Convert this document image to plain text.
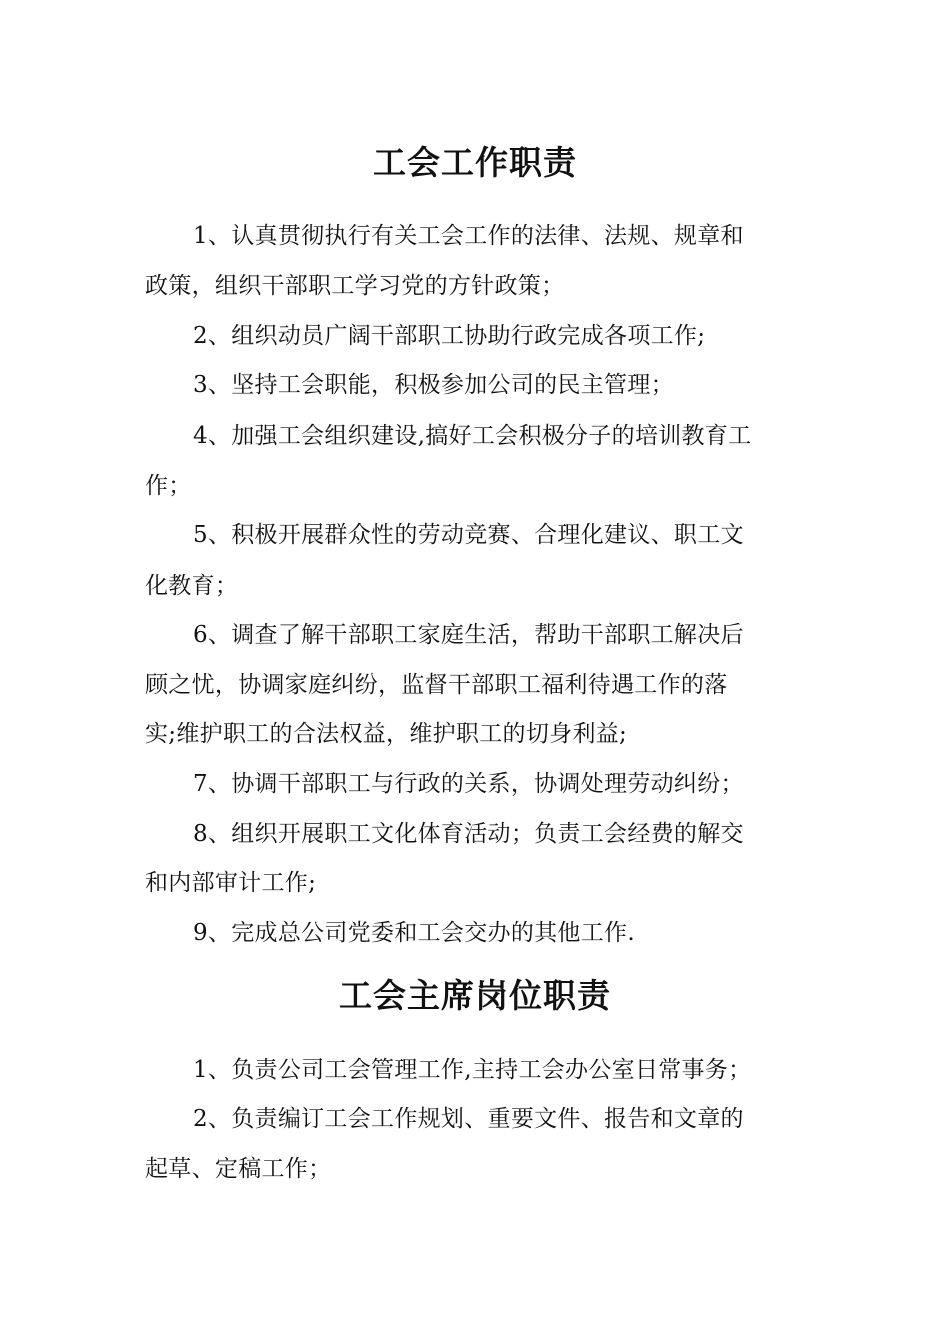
工会工作职责
1、认真贯彻执行有关工会工作的法律、法规、规章和
政策，组织干部职工学习党的方针政策；
2、组织动员广阔干部职工协助行政完成各项工作;
3、坚持工会职能，积极参加公司的民主管理；
4、加强工会组织建设,搞好工会积极分子的培训教育工
作；
5、积极开展群众性的劳动竞赛、合理化建议、职工文
化教育；
6、调查了解干部职工家庭生活，帮助干部职工解决后
顾之忧，协调家庭纠纷，监督干部职工福利待遇工作的落
实;维护职工的合法权益，维护职工的切身利益;
7、协调干部职工与行政的关系，协调处理劳动纠纷；
8、组织开展职工文化体育活动；负责工会经费的解交
和内部审计工作;
9、完成总公司党委和工会交办的其他工作.
工会主席岗位职责
1、负责公司工会管理工作,主持工会办公室日常事务；
2、负责编订工会工作规划、重要文件、报告和文章的
起草、定稿工作；
